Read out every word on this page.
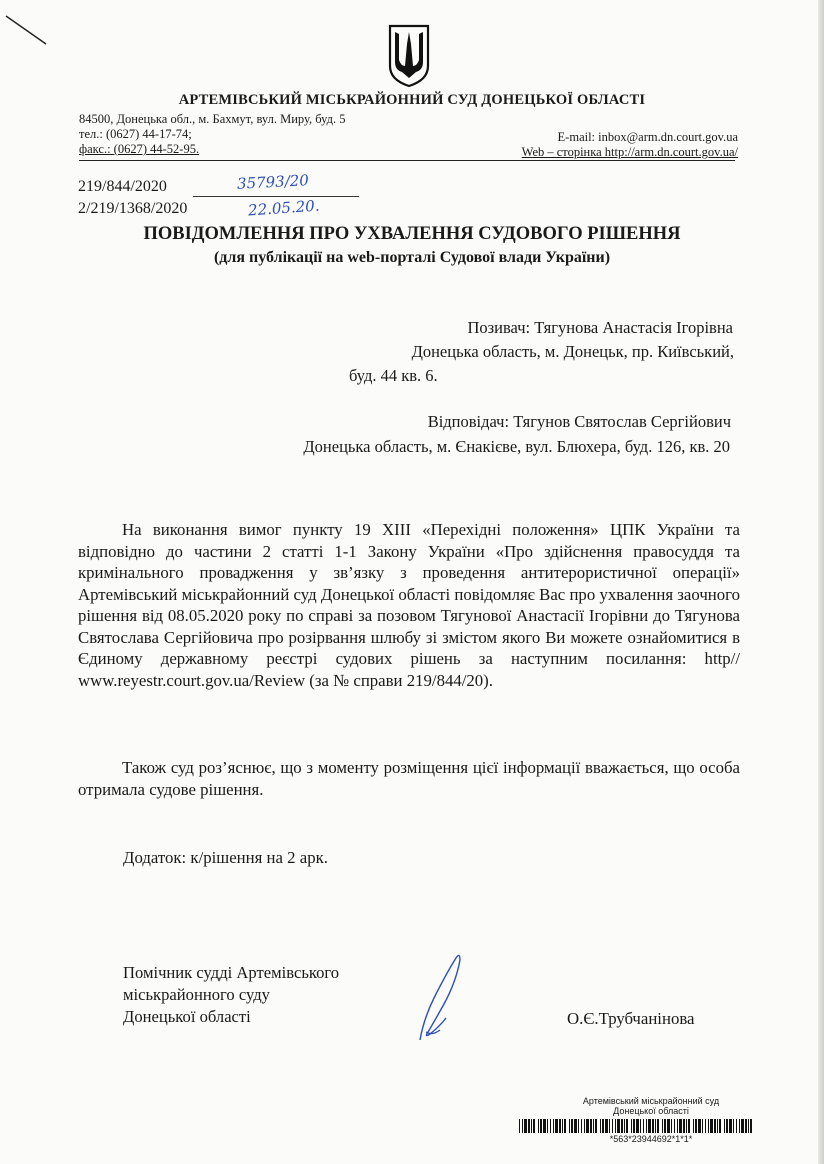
АРТЕМІВСЬКИЙ МІСЬКРАЙОННИЙ СУД ДОНЕЦЬКОЇ ОБЛАСТІ
84500, Донецька обл., м. Бахмут, вул. Миру, буд. 5
тел.: (0627) 44-17-74;
факс.: (0627) 44-52-95.
E-mail: inbox@arm.dn.court.gov.ua
Web – сторінка http://arm.dn.court.gov.ua/
219/844/2020	35793/20
2/219/1368/2020	22.05.20.
ПОВІДОМЛЕННЯ ПРО УХВАЛЕННЯ СУДОВОГО РІШЕННЯ
(для публікації на web-порталі Судової влади України)
Позивач: Тягунова Анастасія Ігорівна
Донецька область, м. Донецьк, пр. Київський,
буд. 44 кв. 6.
Відповідач: Тягунов Святослав Сергійович
Донецька область, м. Єнакієве, вул. Блюхера, буд. 126, кв. 20
На виконання вимог пункту 19 ХІІІ «Перехідні положення» ЦПК України та відповідно до частини 2 статті 1-1 Закону України «Про здійснення правосуддя та кримінального провадження у зв’язку з проведення антитерористичної операції» Артемівський міськрайонний суд Донецької області повідомляє Вас про ухвалення заочного рішення від 08.05.2020 року по справі за позовом Тягунової Анастасії Ігорівни до Тягунова Святослава Сергійовича про розірвання шлюбу зі змістом якого Ви можете ознайомитися в Єдиному державному реєстрі судових рішень за наступним посилання: http// www.reyestr.court.gov.ua/Review (за № справи 219/844/20).
Також суд роз’яснює, що з моменту розміщення цієї інформації вважається, що особа отримала судове рішення.
Додаток: к/рішення на 2 арк.
Помічник судді Артемівського
міськрайонного суду
Донецької області	О.Є.Трубчанінова
Артемівський міськрайонний суд
Донецької області
*563*23944692*1*1*
